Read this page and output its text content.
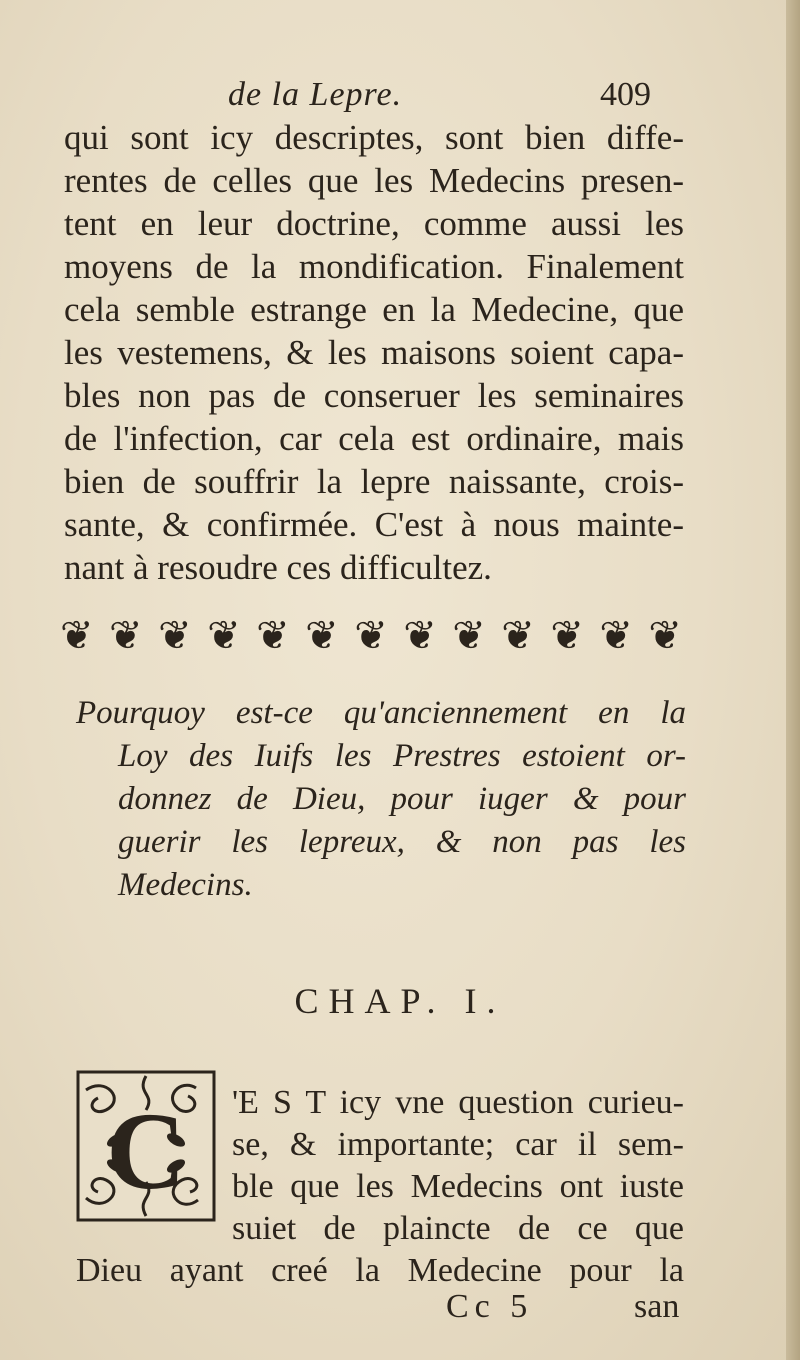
de la Lepre.	409
qui sont icy descriptes, sont bien diffe-
rentes de celles que les Medecins presen-
tent en leur doctrine, comme aussi les
moyens de la mondification. Finalement
cela semble estrange en la Medecine, que
les vestemens, & les maisons soient capa-
bles non pas de conseruer les seminaires
de l'infection, car cela est ordinaire, mais
bien de souffrir la lepre naissante, crois-
sante, & confirmée. C'est à nous mainte-
nant à resoudre ces difficultez.
❦ ❦ ❦ ❦ ❦ ❦ ❦ ❦ ❦ ❦ ❦ ❦ ❦
Pourquoy est-ce qu'anciennement en la
Loy des Iuifs les Prestres estoient or-
donnez de Dieu, pour iuger & pour
guerir les lepreux, & non pas les
Medecins.
CHAP. I.
C 'E S T icy vne question curieu-
se, & importante; car il sem-
ble que les Medecins ont iuste
suiet de plaincte de ce que
Dieu ayant creé la Medecine pour la
Cc 5	san
